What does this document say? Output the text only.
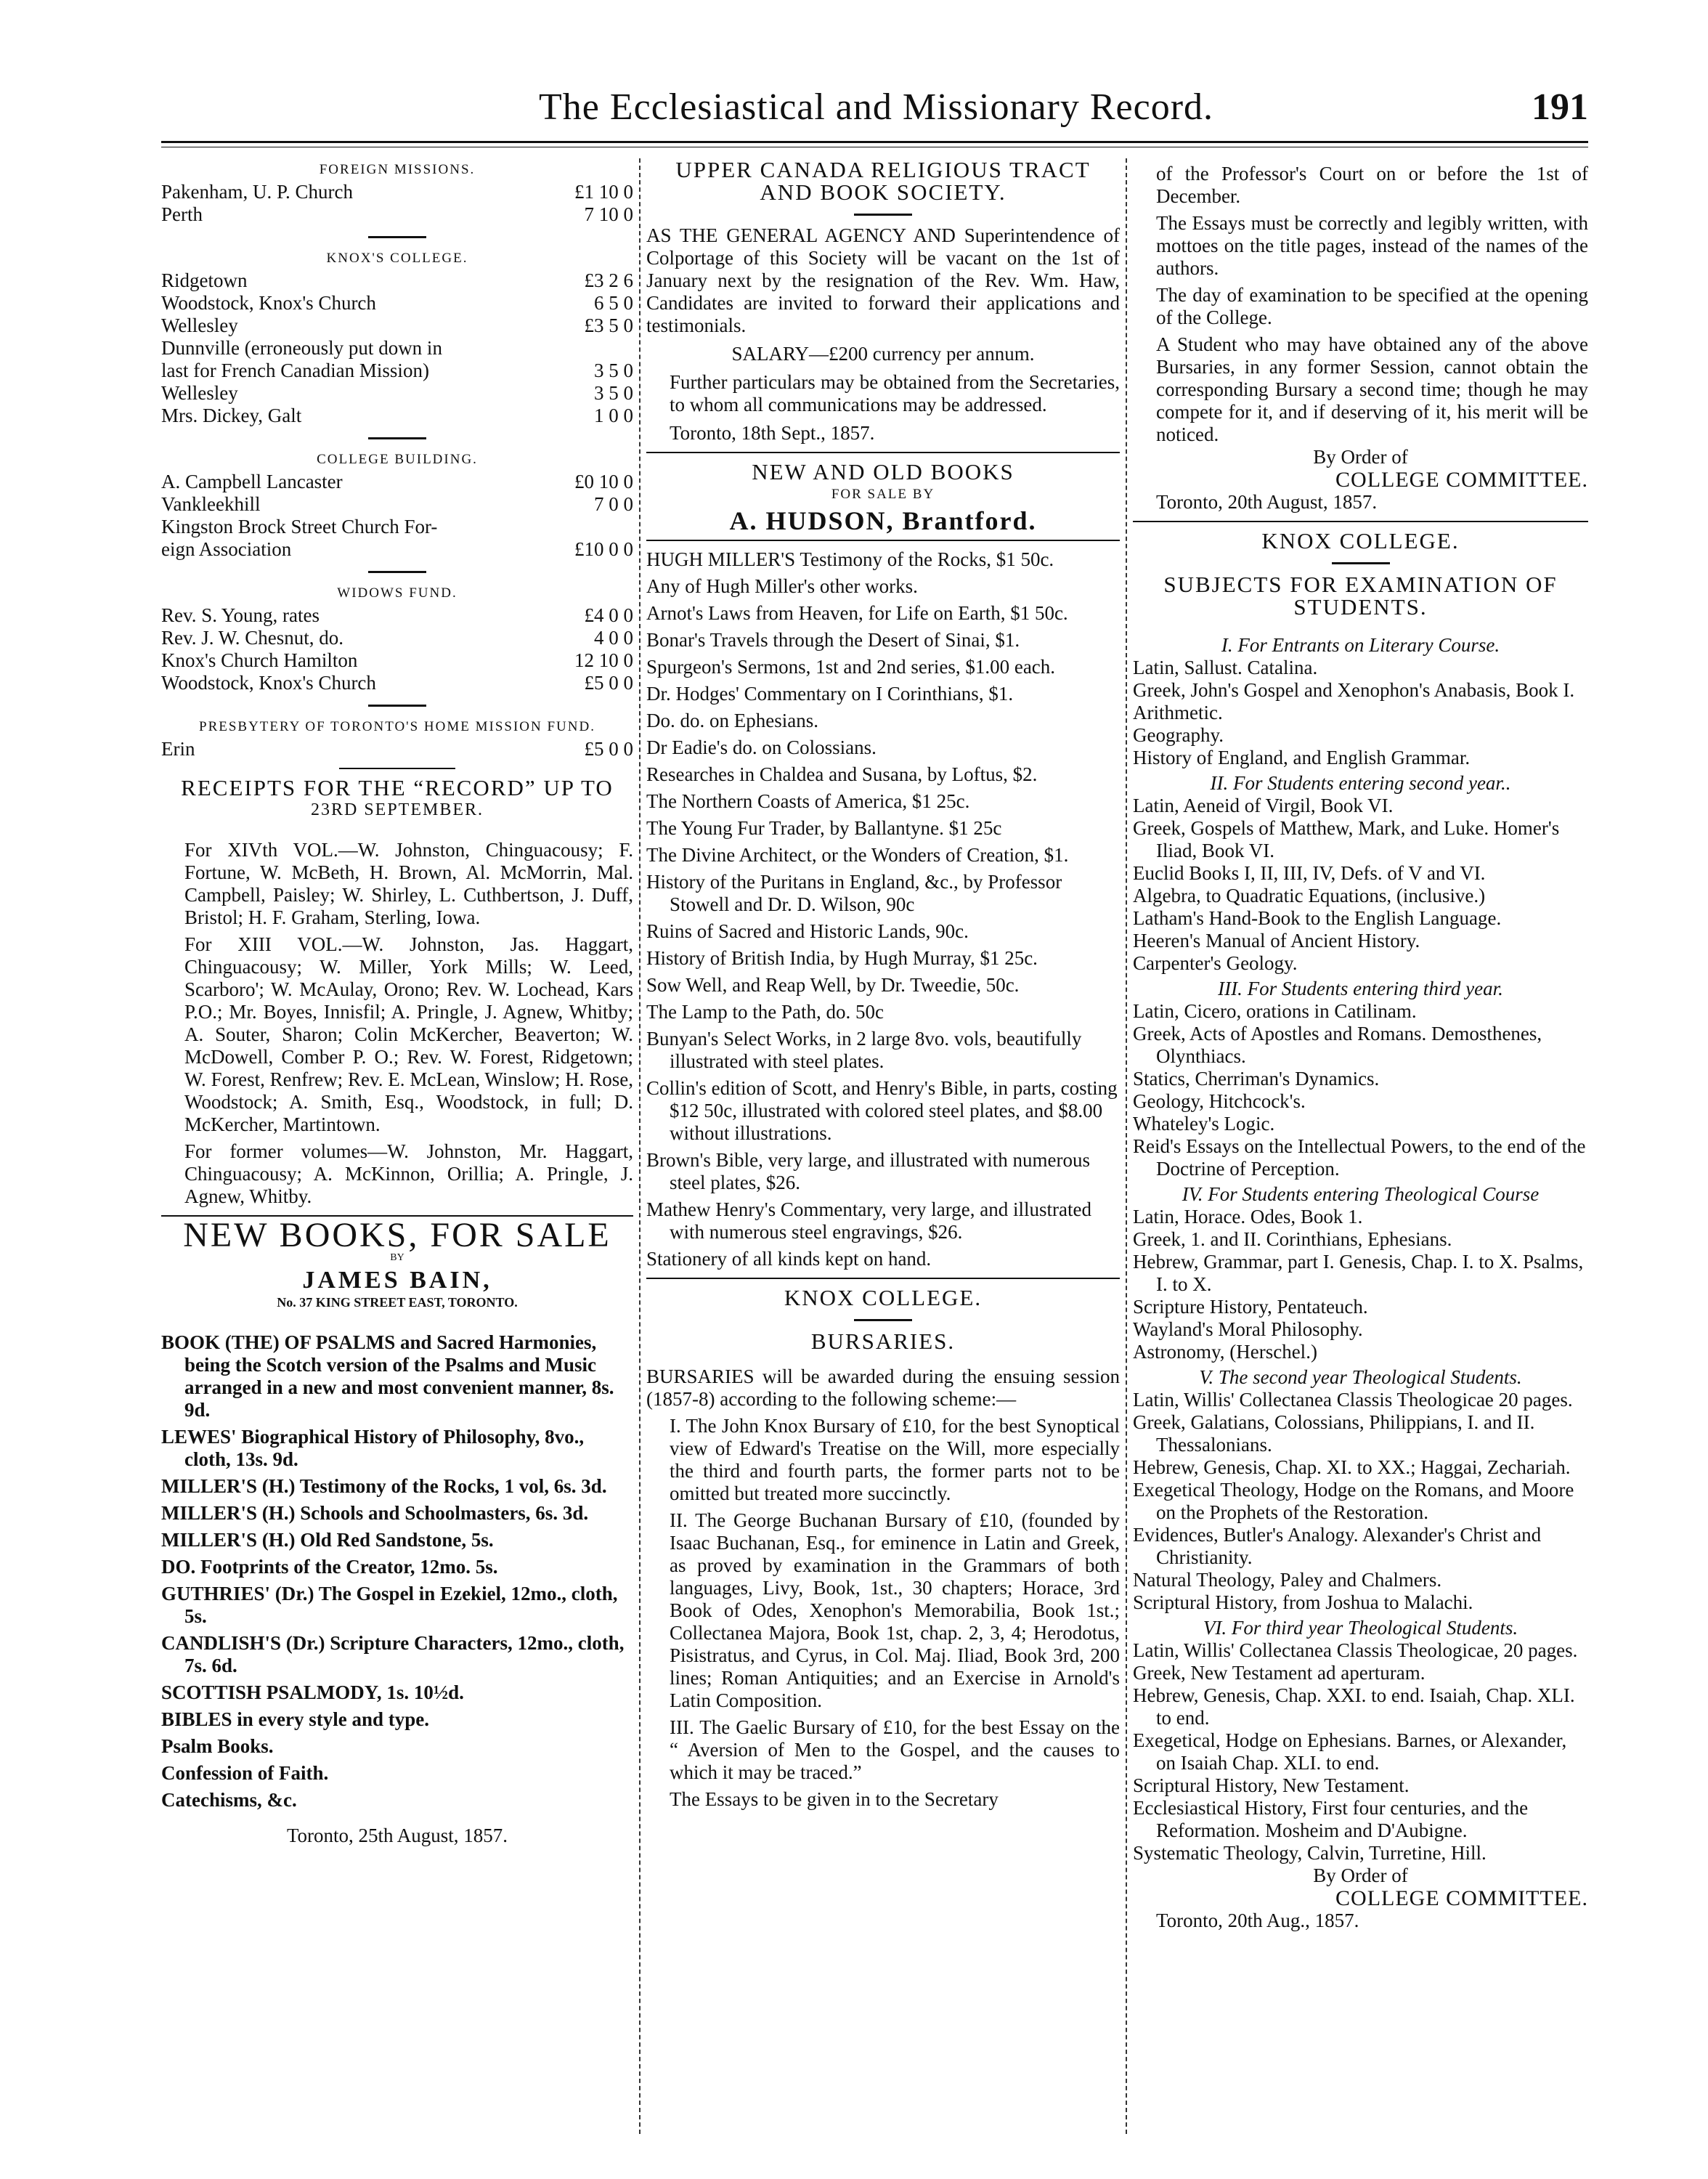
The Ecclesiastical and Missionary Record.	191
FOREIGN MISSIONS.
Pakenham, U. P. Church	£1 10 0
Perth	7 10 0
KNOX'S COLLEGE.
Ridgetown	£3 2 6
Woodstock, Knox's Church	6 5 0
Wellesley	£3 5 0
Dunnville (erroneously put down in
last for French Canadian Mission)	3 5 0
Wellesley	3 5 0
Mrs. Dickey, Galt	1 0 0
COLLEGE BUILDING.
A. Campbell Lancaster	£0 10 0
Vankleekhill	7 0 0
Kingston Brock Street Church For-
eign Association	£10 0 0
WIDOWS FUND.
Rev. S. Young, rates	£4 0 0
Rev. J. W. Chesnut, do.	4 0 0
Knox's Church Hamilton	12 10 0
Woodstock, Knox's Church	£5 0 0
PRESBYTERY OF TORONTO'S HOME MISSION FUND.
Erin	£5 0 0
RECEIPTS FOR THE “RECORD” UP TO
23RD SEPTEMBER.

For XIVth VOL.—W. Johnston, Chinguacousy; F. Fortune, W. McBeth, H. Brown, Al. McMorrin, Mal. Campbell, Paisley; W. Shirley, L. Cuthbertson, J. Duff, Bristol; H. F. Graham, Sterling, Iowa.

For XIII VOL.—W. Johnston, Jas. Haggart, Chinguacousy; W. Miller, York Mills; W. Leed, Scarboro'; W. McAulay, Orono; Rev. W. Lochead, Kars P.O.; Mr. Boyes, Innisfil; A. Pringle, J. Agnew, Whitby; A. Souter, Sharon; Colin McKercher, Beaverton; W. McDowell, Comber P. O.; Rev. W. Forest, Ridgetown; W. Forest, Renfrew; Rev. E. McLean, Winslow; H. Rose, Woodstock; A. Smith, Esq., Woodstock, in full; D. McKercher, Martintown.

For former volumes—W. Johnston, Mr. Haggart, Chinguacousy; A. McKinnon, Orillia; A. Pringle, J. Agnew, Whitby.

NEW BOOKS, FOR SALE
BY
JAMES BAIN,
No. 37 KING STREET EAST, TORONTO.

BOOK (THE) OF PSALMS and Sacred Harmonies, being the Scotch version of the Psalms and Music arranged in a new and most convenient manner, 8s. 9d.

LEWES' Biographical History of Philosophy, 8vo., cloth, 13s. 9d.

MILLER'S (H.) Testimony of the Rocks, 1 vol, 6s. 3d.

MILLER'S (H.) Schools and Schoolmasters, 6s. 3d.

MILLER'S (H.) Old Red Sandstone, 5s.

DO. Footprints of the Creator, 12mo. 5s.

GUTHRIES' (Dr.) The Gospel in Ezekiel, 12mo., cloth, 5s.

CANDLISH'S (Dr.) Scripture Characters, 12mo., cloth, 7s. 6d.

SCOTTISH PSALMODY, 1s. 10½d.

BIBLES in every style and type.

Psalm Books.

Confession of Faith.

Catechisms, &c.

Toronto, 25th August, 1857.
UPPER CANADA RELIGIOUS TRACT
AND BOOK SOCIETY.

AS THE GENERAL AGENCY AND Superintendence of Colportage of this Society will be vacant on the 1st of January next by the resignation of the Rev. Wm. Haw, Candidates are invited to forward their applications and testimonials.

SALARY—£200 currency per annum.

Further particulars may be obtained from the Secretaries, to whom all communications may be addressed.

Toronto, 18th Sept., 1857.

NEW AND OLD BOOKS
FOR SALE BY
A. HUDSON, Brantford.

HUGH MILLER'S Testimony of the Rocks, $1 50c.

Any of Hugh Miller's other works.

Arnot's Laws from Heaven, for Life on Earth, $1 50c.

Bonar's Travels through the Desert of Sinai, $1.

Spurgeon's Sermons, 1st and 2nd series, $1.00 each.

Dr. Hodges' Commentary on I Corinthians, $1.

Do. do. on Ephesians.

Dr Eadie's do. on Colossians.

Researches in Chaldea and Susana, by Loftus, $2.

The Northern Coasts of America, $1 25c.

The Young Fur Trader, by Ballantyne. $1 25c

The Divine Architect, or the Wonders of Creation, $1.

History of the Puritans in England, &c., by Professor Stowell and Dr. D. Wilson, 90c

Ruins of Sacred and Historic Lands, 90c.

History of British India, by Hugh Murray, $1 25c.

Sow Well, and Reap Well, by Dr. Tweedie, 50c.

The Lamp to the Path, do. 50c

Bunyan's Select Works, in 2 large 8vo. vols, beautifully illustrated with steel plates.

Collin's edition of Scott, and Henry's Bible, in parts, costing $12 50c, illustrated with colored steel plates, and $8.00 without illustrations.

Brown's Bible, very large, and illustrated with numerous steel plates, $26.

Mathew Henry's Commentary, very large, and illustrated with numerous steel engravings, $26.

Stationery of all kinds kept on hand.

KNOX COLLEGE.
BURSARIES.

BURSARIES will be awarded during the ensuing session (1857-8) according to the following scheme:—

I. The John Knox Bursary of £10, for the best Synoptical view of Edward's Treatise on the Will, more especially the third and fourth parts, the former parts not to be omitted but treated more succinctly.

II. The George Buchanan Bursary of £10, (founded by Isaac Buchanan, Esq., for eminence in Latin and Greek, as proved by examination in the Grammars of both languages, Livy, Book, 1st., 30 chapters; Horace, 3rd Book of Odes, Xenophon's Memorabilia, Book 1st.; Collectanea Majora, Book 1st, chap. 2, 3, 4; Herodotus, Pisistratus, and Cyrus, in Col. Maj. Iliad, Book 3rd, 200 lines; Roman Antiquities; and an Exercise in Arnold's Latin Composition.

III. The Gaelic Bursary of £10, for the best Essay on the “ Aversion of Men to the Gospel, and the causes to which it may be traced.”

The Essays to be given in to the Secretary

of the Professor's Court on or before the 1st of December.

The Essays must be correctly and legibly written, with mottoes on the title pages, instead of the names of the authors.

The day of examination to be specified at the opening of the College.

A Student who may have obtained any of the above Bursaries, in any former Session, cannot obtain the corresponding Bursary a second time; though he may compete for it, and if deserving of it, his merit will be noticed.

By Order of
COLLEGE COMMITTEE.
Toronto, 20th August, 1857.
KNOX COLLEGE.
SUBJECTS FOR EXAMINATION OF
STUDENTS.
I. For Entrants on Literary Course.
Latin, Sallust. Catalina.
Greek, John's Gospel and Xenophon's Anabasis, Book I.
Arithmetic.
Geography.
History of England, and English Grammar.
II. For Students entering second year..
Latin, Aeneid of Virgil, Book VI.
Greek, Gospels of Matthew, Mark, and Luke. Homer's Iliad, Book VI.
Euclid Books I, II, III, IV, Defs. of V and VI.
Algebra, to Quadratic Equations, (inclusive.)
Latham's Hand-Book to the English Language.
Heeren's Manual of Ancient History.
Carpenter's Geology.
III. For Students entering third year.
Latin, Cicero, orations in Catilinam.
Greek, Acts of Apostles and Romans. Demosthenes, Olynthiacs.
Statics, Cherriman's Dynamics.
Geology, Hitchcock's.
Whateley's Logic.
Reid's Essays on the Intellectual Powers, to the end of the Doctrine of Perception.
IV. For Students entering Theological Course
Latin, Horace. Odes, Book 1.
Greek, 1. and II. Corinthians, Ephesians.
Hebrew, Grammar, part I. Genesis, Chap. I. to X. Psalms, I. to X.
Scripture History, Pentateuch.
Wayland's Moral Philosophy.
Astronomy, (Herschel.)
V. The second year Theological Students.
Latin, Willis' Collectanea Classis Theologicae 20 pages.
Greek, Galatians, Colossians, Philippians, I. and II. Thessalonians.
Hebrew, Genesis, Chap. XI. to XX.; Haggai, Zechariah.
Exegetical Theology, Hodge on the Romans, and Moore on the Prophets of the Restoration.
Evidences, Butler's Analogy. Alexander's Christ and Christianity.
Natural Theology, Paley and Chalmers.
Scriptural History, from Joshua to Malachi.
VI. For third year Theological Students.
Latin, Willis' Collectanea Classis Theologicae, 20 pages.
Greek, New Testament ad aperturam.
Hebrew, Genesis, Chap. XXI. to end. Isaiah, Chap. XLI. to end.
Exegetical, Hodge on Ephesians. Barnes, or Alexander, on Isaiah Chap. XLI. to end.
Scriptural History, New Testament.
Ecclesiastical History, First four centuries, and the Reformation. Mosheim and D'Aubigne.
Systematic Theology, Calvin, Turretine, Hill.
By Order of
COLLEGE COMMITTEE.
Toronto, 20th Aug., 1857.
